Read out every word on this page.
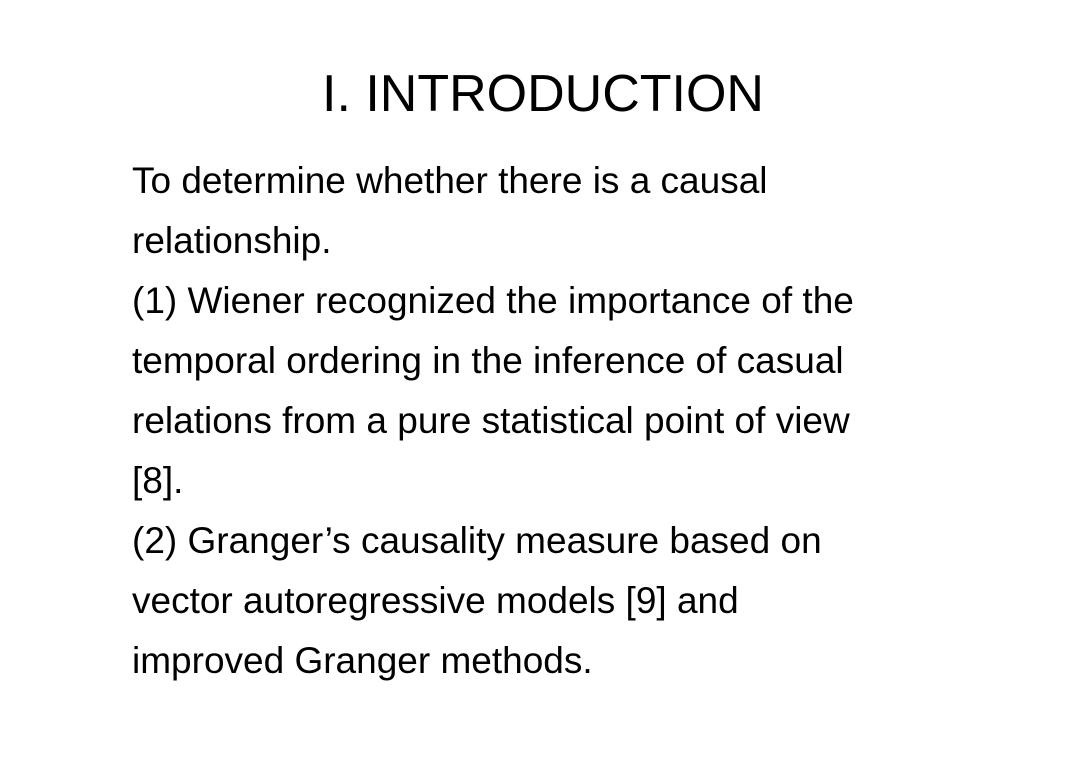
I. INTRODUCTION
To determine whether there is a causal
relationship.
(1) Wiener recognized the importance of the
temporal ordering in the inference of casual
relations from a pure statistical point of view
[8].
(2) Granger’s causality measure based on
vector autoregressive models [9] and
improved Granger methods.
